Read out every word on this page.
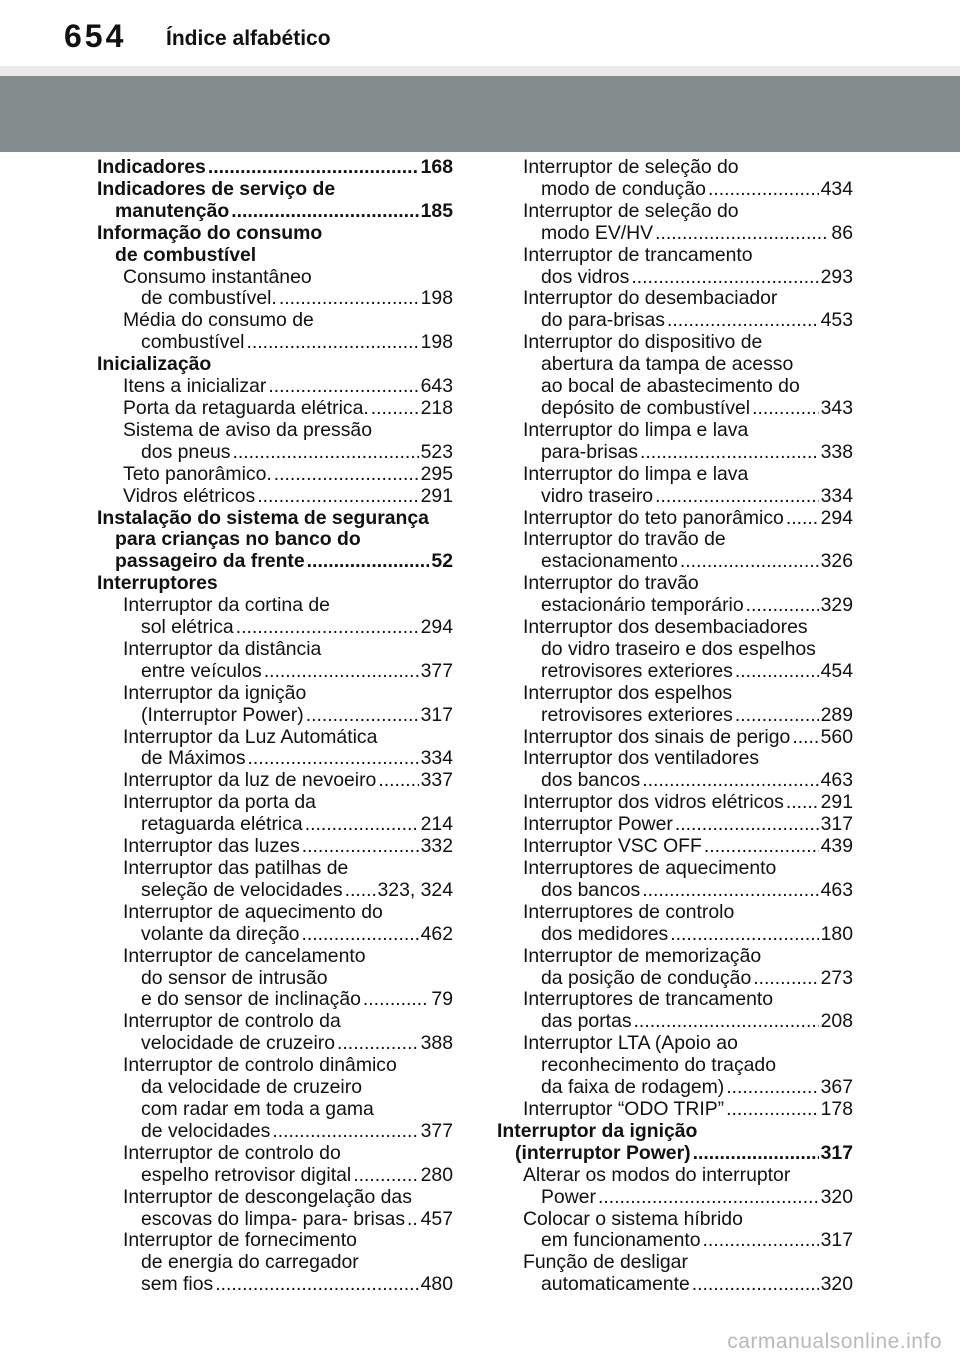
654 Índice alfabético
Indicadores .....	168
Indicadores de serviço de
manutenção .....	185
Informação do consumo
de combustível
Consumo instantâneo
de combustível. .....	198
Média do consumo de
combustível .....	198
Inicialização
Itens a inicializar .....	643
Porta da retaguarda elétrica. .....	218
Sistema de aviso da pressão
dos pneus .....	523
Teto panorâmico. .....	295
Vidros elétricos .....	291
Instalação do sistema de segurança
para crianças no banco do
passageiro da frente .....	52
Interruptores
Interruptor da cortina de
sol elétrica .....	294
Interruptor da distância
entre veículos .....	377
Interruptor da ignição
(Interruptor Power) .....	317
Interruptor da Luz Automática
de Máximos .....	334
Interruptor da luz de nevoeiro ..... 337
Interruptor da porta da
retaguarda elétrica .....	214
Interruptor das luzes .....	332
Interruptor das patilhas de
seleção de velocidades ..... 323, 324
Interruptor de aquecimento do
volante da direção .....	462
Interruptor de cancelamento
do sensor de intrusão
e do sensor de inclinação .....	79
Interruptor de controlo da
velocidade de cruzeiro .....	388
Interruptor de controlo dinâmico
da velocidade de cruzeiro
com radar em toda a gama
de velocidades .....	377
Interruptor de controlo do
espelho retrovisor digital .....	280
Interruptor de descongelação das
escovas do limpa- para- brisas ..... 457
Interruptor de fornecimento
de energia do carregador
sem fios .....	480
Interruptor de seleção do
modo de condução .....	434
Interruptor de seleção do
modo EV/HV .....	86
Interruptor de trancamento
dos vidros .....	293
Interruptor do desembaciador
do para-brisas .....	453
Interruptor do dispositivo de
abertura da tampa de acesso
ao bocal de abastecimento do
depósito de combustível .....	343
Interruptor do limpa e lava
para-brisas .....	338
Interruptor do limpa e lava
vidro traseiro .....	334
Interruptor do teto panorâmico ..... 294
Interruptor do travão de
estacionamento .....	326
Interruptor do travão
estacionário temporário .....	329
Interruptor dos desembaciadores
do vidro traseiro e dos espelhos
retrovisores exteriores .....	454
Interruptor dos espelhos
retrovisores exteriores .....	289
Interruptor dos sinais de perigo ..... 560
Interruptor dos ventiladores
dos bancos .....	463
Interruptor dos vidros elétricos ..... 291
Interruptor Power .....	317
Interruptor VSC OFF .....	439
Interruptores de aquecimento
dos bancos .....	463
Interruptores de controlo
dos medidores .....	180
Interruptor de memorização
da posição de condução .....	273
Interruptores de trancamento
das portas .....	208
Interruptor LTA (Apoio ao
reconhecimento do traçado
da faixa de rodagem) .....	367
Interruptor “ODO TRIP” .....	178
Interruptor da ignição
(interruptor Power) .....	317
Alterar os modos do interruptor
Power .....	320
Colocar o sistema híbrido
em funcionamento .....	317
Função de desligar
automaticamente .....	320
carmanualsonline.info
